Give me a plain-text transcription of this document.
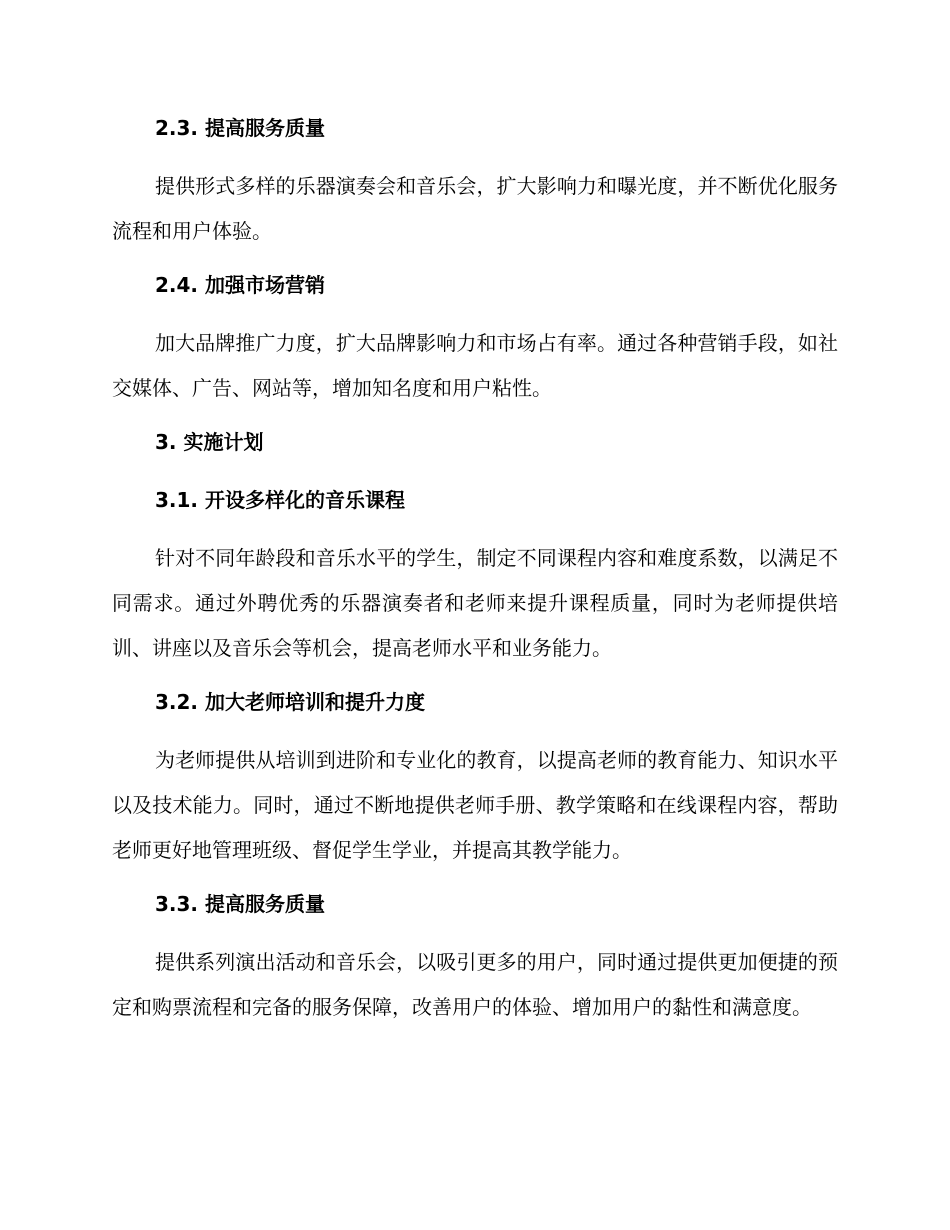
2.3. 提高服务质量

提供形式多样的乐器演奏会和音乐会，扩大影响力和曝光度，并不断优化服务流程和用户体验。

2.4. 加强市场营销

加大品牌推广力度，扩大品牌影响力和市场占有率。通过各种营销手段，如社交媒体、广告、网站等，增加知名度和用户粘性。

3. 实施计划
3.1. 开设多样化的音乐课程

针对不同年龄段和音乐水平的学生，制定不同课程内容和难度系数，以满足不同需求。通过外聘优秀的乐器演奏者和老师来提升课程质量，同时为老师提供培训、讲座以及音乐会等机会，提高老师水平和业务能力。

3.2. 加大老师培训和提升力度

为老师提供从培训到进阶和专业化的教育，以提高老师的教育能力、知识水平以及技术能力。同时，通过不断地提供老师手册、教学策略和在线课程内容，帮助老师更好地管理班级、督促学生学业，并提高其教学能力。

3.3. 提高服务质量

提供系列演出活动和音乐会，以吸引更多的用户，同时通过提供更加便捷的预定和购票流程和完备的服务保障，改善用户的体验、增加用户的黏性和满意度。
